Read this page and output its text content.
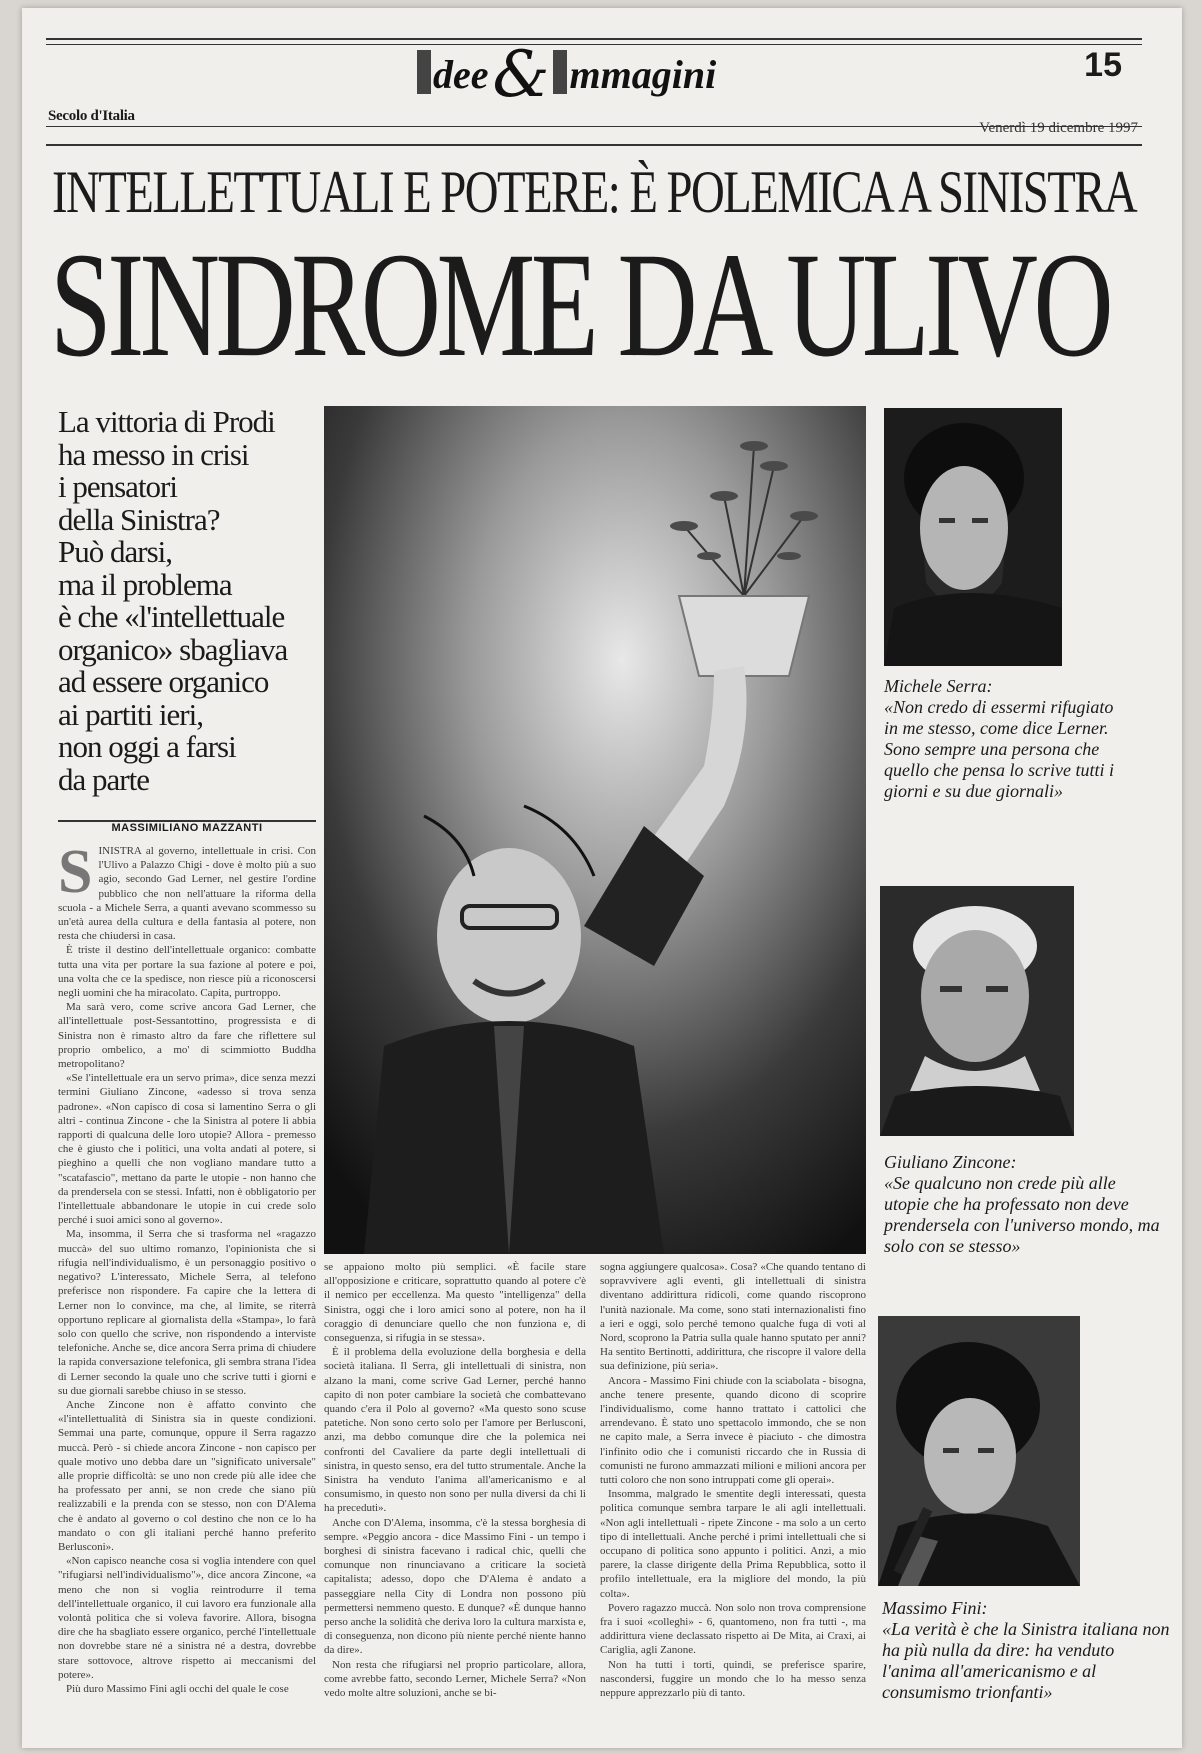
dee& mmagini	15
Secolo d'Italia
Venerdì 19 dicembre 1997
INTELLETTUALI E POTERE: È POLEMICA A SINISTRA
SINDROME DA ULIVO
La vittoria di Prodi
ha messo in crisi
i pensatori
della Sinistra?
Può darsi,
ma il problema
è che «l'intellettuale
organico» sbagliava
ad essere organico
ai partiti ieri,
non oggi a farsi
da parte
MASSIMILIANO MAZZANTI
S INISTRA al governo, intellettuale in crisi. Con l'Ulivo a Palazzo Chigi - dove è molto più a suo agio, secondo Gad Lerner, nel gestire l'ordine pubblico che non nell'attuare la riforma della scuola - a Michele Serra, a quanti avevano scommesso su un'età aurea della cultura e della fantasia al potere, non resta che chiudersi in casa.

È triste il destino dell'intellettuale organico: combatte tutta una vita per portare la sua fazione al potere e poi, una volta che ce la spedisce, non riesce più a riconoscersi negli uomini che ha miracolato. Capita, purtroppo.

Ma sarà vero, come scrive ancora Gad Lerner, che all'intellettuale post-Sessantottino, progressista e di Sinistra non è rimasto altro da fare che riflettere sul proprio ombelico, a mo' di scimmiotto Buddha metropolitano?

«Se l'intellettuale era un servo prima», dice senza mezzi termini Giuliano Zincone, «adesso si trova senza padrone». «Non capisco di cosa si lamentino Serra o gli altri - continua Zincone - che la Sinistra al potere li abbia rapporti di qualcuna delle loro utopie? Allora - premesso che è giusto che i politici, una volta andati al potere, si pieghino a quelli che non vogliano mandare tutto a "scatafascio", mettano da parte le utopie - non hanno che da prendersela con se stessi. Infatti, non è obbligatorio per l'intellettuale abbandonare le utopie in cui crede solo perché i suoi amici sono al governo».

Ma, insomma, il Serra che si trasforma nel «ragazzo muccà» del suo ultimo romanzo, l'opinionista che si rifugia nell'individualismo, è un personaggio positivo o negativo? L'interessato, Michele Serra, al telefono preferisce non rispondere. Fa capire che la lettera di Lerner non lo convince, ma che, al limite, se riterrà opportuno replicare al giornalista della «Stampa», lo farà solo con quello che scrive, non rispondendo a interviste telefoniche. Anche se, dice ancora Serra prima di chiudere la rapida conversazione telefonica, gli sembra strana l'idea di Lerner secondo la quale uno che scrive tutti i giorni e su due giornali sarebbe chiuso in se stesso.

Anche Zincone non è affatto convinto che «l'intellettualità di Sinistra sia in queste condizioni. Semmai una parte, comunque, oppure il Serra ragazzo muccà. Però - si chiede ancora Zincone - non capisco per quale motivo uno debba dare un "significato universale" alle proprie difficoltà: se uno non crede più alle idee che ha professato per anni, se non crede che siano più realizzabili e la prenda con se stesso, non con D'Alema che è andato al governo o col destino che non ce lo ha mandato o con gli italiani perché hanno preferito Berlusconi».

«Non capisco neanche cosa si voglia intendere con quel "rifugiarsi nell'individualismo"», dice ancora Zincone, «a meno che non si voglia reintrodurre il tema dell'intellettuale organico, il cui lavoro era funzionale alla volontà politica che si voleva favorire. Allora, bisogna dire che ha sbagliato essere organico, perché l'intellettuale non dovrebbe stare né a sinistra né a destra, dovrebbe stare sottovoce, altrove rispetto ai meccanismi del potere».

Più duro Massimo Fini agli occhi del quale le cose

se appaiono molto più semplici. «È facile stare all'opposizione e criticare, soprattutto quando al potere c'è il nemico per eccellenza. Ma questo "intelligenza" della Sinistra, oggi che i loro amici sono al potere, non ha il coraggio di denunciare quello che non funziona e, di conseguenza, si rifugia in se stessa».

È il problema della evoluzione della borghesia e della società italiana. Il Serra, gli intellettuali di sinistra, non alzano la mani, come scrive Gad Lerner, perché hanno capito di non poter cambiare la società che combattevano quando c'era il Polo al governo? «Ma questo sono scuse patetiche. Non sono certo solo per l'amore per Berlusconi, anzi, ma debbo comunque dire che la polemica nei confronti del Cavaliere da parte degli intellettuali di sinistra, in questo senso, era del tutto strumentale. Anche la Sinistra ha venduto l'anima all'americanismo e al consumismo, in questo non sono per nulla diversi da chi li ha preceduti».

Anche con D'Alema, insomma, c'è la stessa borghesia di sempre. «Peggio ancora - dice Massimo Fini - un tempo i borghesi di sinistra facevano i radical chic, quelli che comunque non rinunciavano a criticare la società capitalista; adesso, dopo che D'Alema è andato a passeggiare nella City di Londra non possono più permettersi nemmeno questo. E dunque? «È dunque hanno perso anche la solidità che deriva loro la cultura marxista e, di conseguenza, non dicono più niente perché niente hanno da dire».

Non resta che rifugiarsi nel proprio particolare, allora, come avrebbe fatto, secondo Lerner, Michele Serra? «Non vedo molte altre soluzioni, anche se bi-

sogna aggiungere qualcosa». Cosa? «Che quando tentano di sopravvivere agli eventi, gli intellettuali di sinistra diventano addirittura ridicoli, come quando riscoprono l'unità nazionale. Ma come, sono stati internazionalisti fino a ieri e oggi, solo perché temono qualche fuga di voti al Nord, scoprono la Patria sulla quale hanno sputato per anni? Ha sentito Bertinotti, addirittura, che riscopre il valore della sua definizione, più seria».

Ancora - Massimo Fini chiude con la sciabolata - bisogna, anche tenere presente, quando dicono di scoprire l'individualismo, come hanno trattato i cattolici che arrendevano. È stato uno spettacolo immondo, che se non ne capito male, a Serra invece è piaciuto - che dimostra l'infinito odio che i comunisti riccardo che in Russia di comunisti ne furono ammazzati milioni e milioni ancora per tutti coloro che non sono intruppati come gli operai».

Insomma, malgrado le smentite degli interessati, questa politica comunque sembra tarpare le ali agli intellettuali. «Non agli intellettuali - ripete Zincone - ma solo a un certo tipo di intellettuali. Anche perché i primi intellettuali che si occupano di politica sono appunto i politici. Anzi, a mio parere, la classe dirigente della Prima Repubblica, sotto il profilo intellettuale, era la migliore del mondo, la più colta».

Povero ragazzo muccà. Non solo non trova comprensione fra i suoi «colleghi» - 6, quantomeno, non fra tutti -, ma addirittura viene declassato rispetto ai De Mita, ai Craxi, ai Cariglia, agli Zanone.

Non ha tutti i torti, quindi, se preferisce sparire, nascondersi, fuggire un mondo che lo ha messo senza neppure apprezzarlo più di tanto.

Michele Serra:
«Non credo di essermi rifugiato in me stesso, come dice Lerner. Sono sempre una persona che quello che pensa lo scrive tutti i giorni e su due giornali»
Giuliano Zincone:
«Se qualcuno non crede più alle utopie che ha professato non deve prendersela con l'universo mondo, ma solo con se stesso»
Massimo Fini:
«La verità è che la Sinistra italiana non ha più nulla da dire: ha venduto l'anima all'americanismo e al consumismo trionfanti»
